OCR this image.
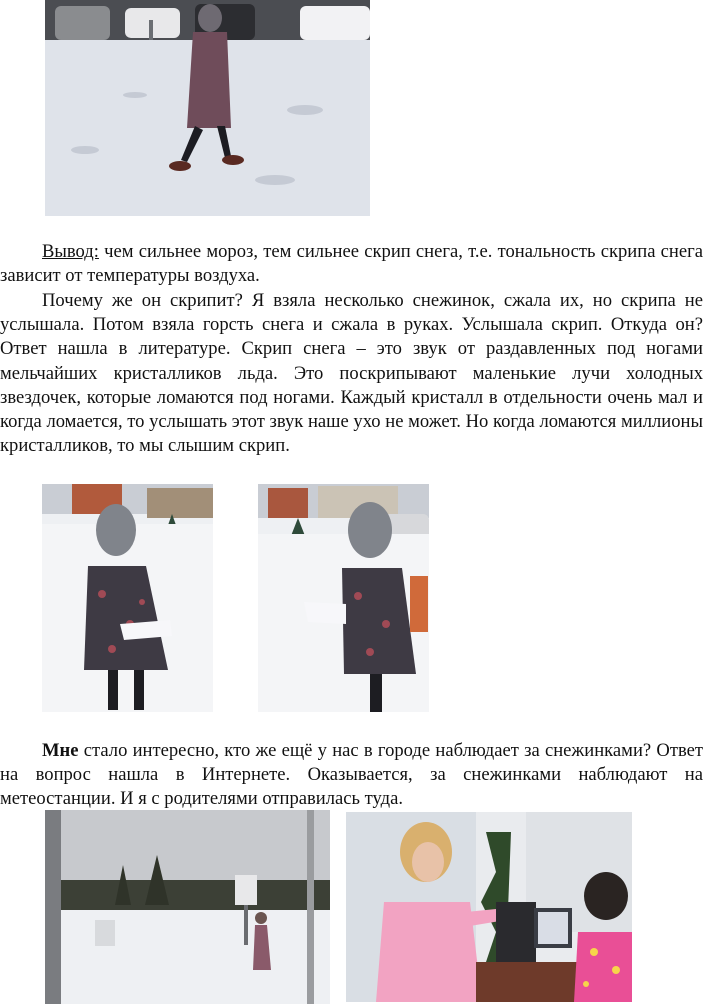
Вывод: чем сильнее мороз, тем сильнее скрип снега, т.е. тональность скрипа снега зависит от температуры воздуха.

Почему же он скрипит? Я взяла несколько снежинок, сжала их, но скрипа не услышала. Потом взяла горсть снега и сжала в руках. Услышала скрип. Откуда он? Ответ нашла в литературе. Скрип снега – это звук от раздавленных под ногами мельчайших кристалликов льда. Это поскрипывают маленькие лучи холодных звездочек, которые ломаются под ногами. Каждый кристалл в отдельности очень мал и когда ломается, то услышать этот звук наше ухо не может. Но когда ломаются миллионы кристалликов, то мы слышим скрип.

Мне стало интересно, кто же ещё у нас в городе наблюдает за снежинками? Ответ на вопрос нашла в Интернете. Оказывается, за снежинками наблюдают на метеостанции. И я с родителями отправилась туда.
